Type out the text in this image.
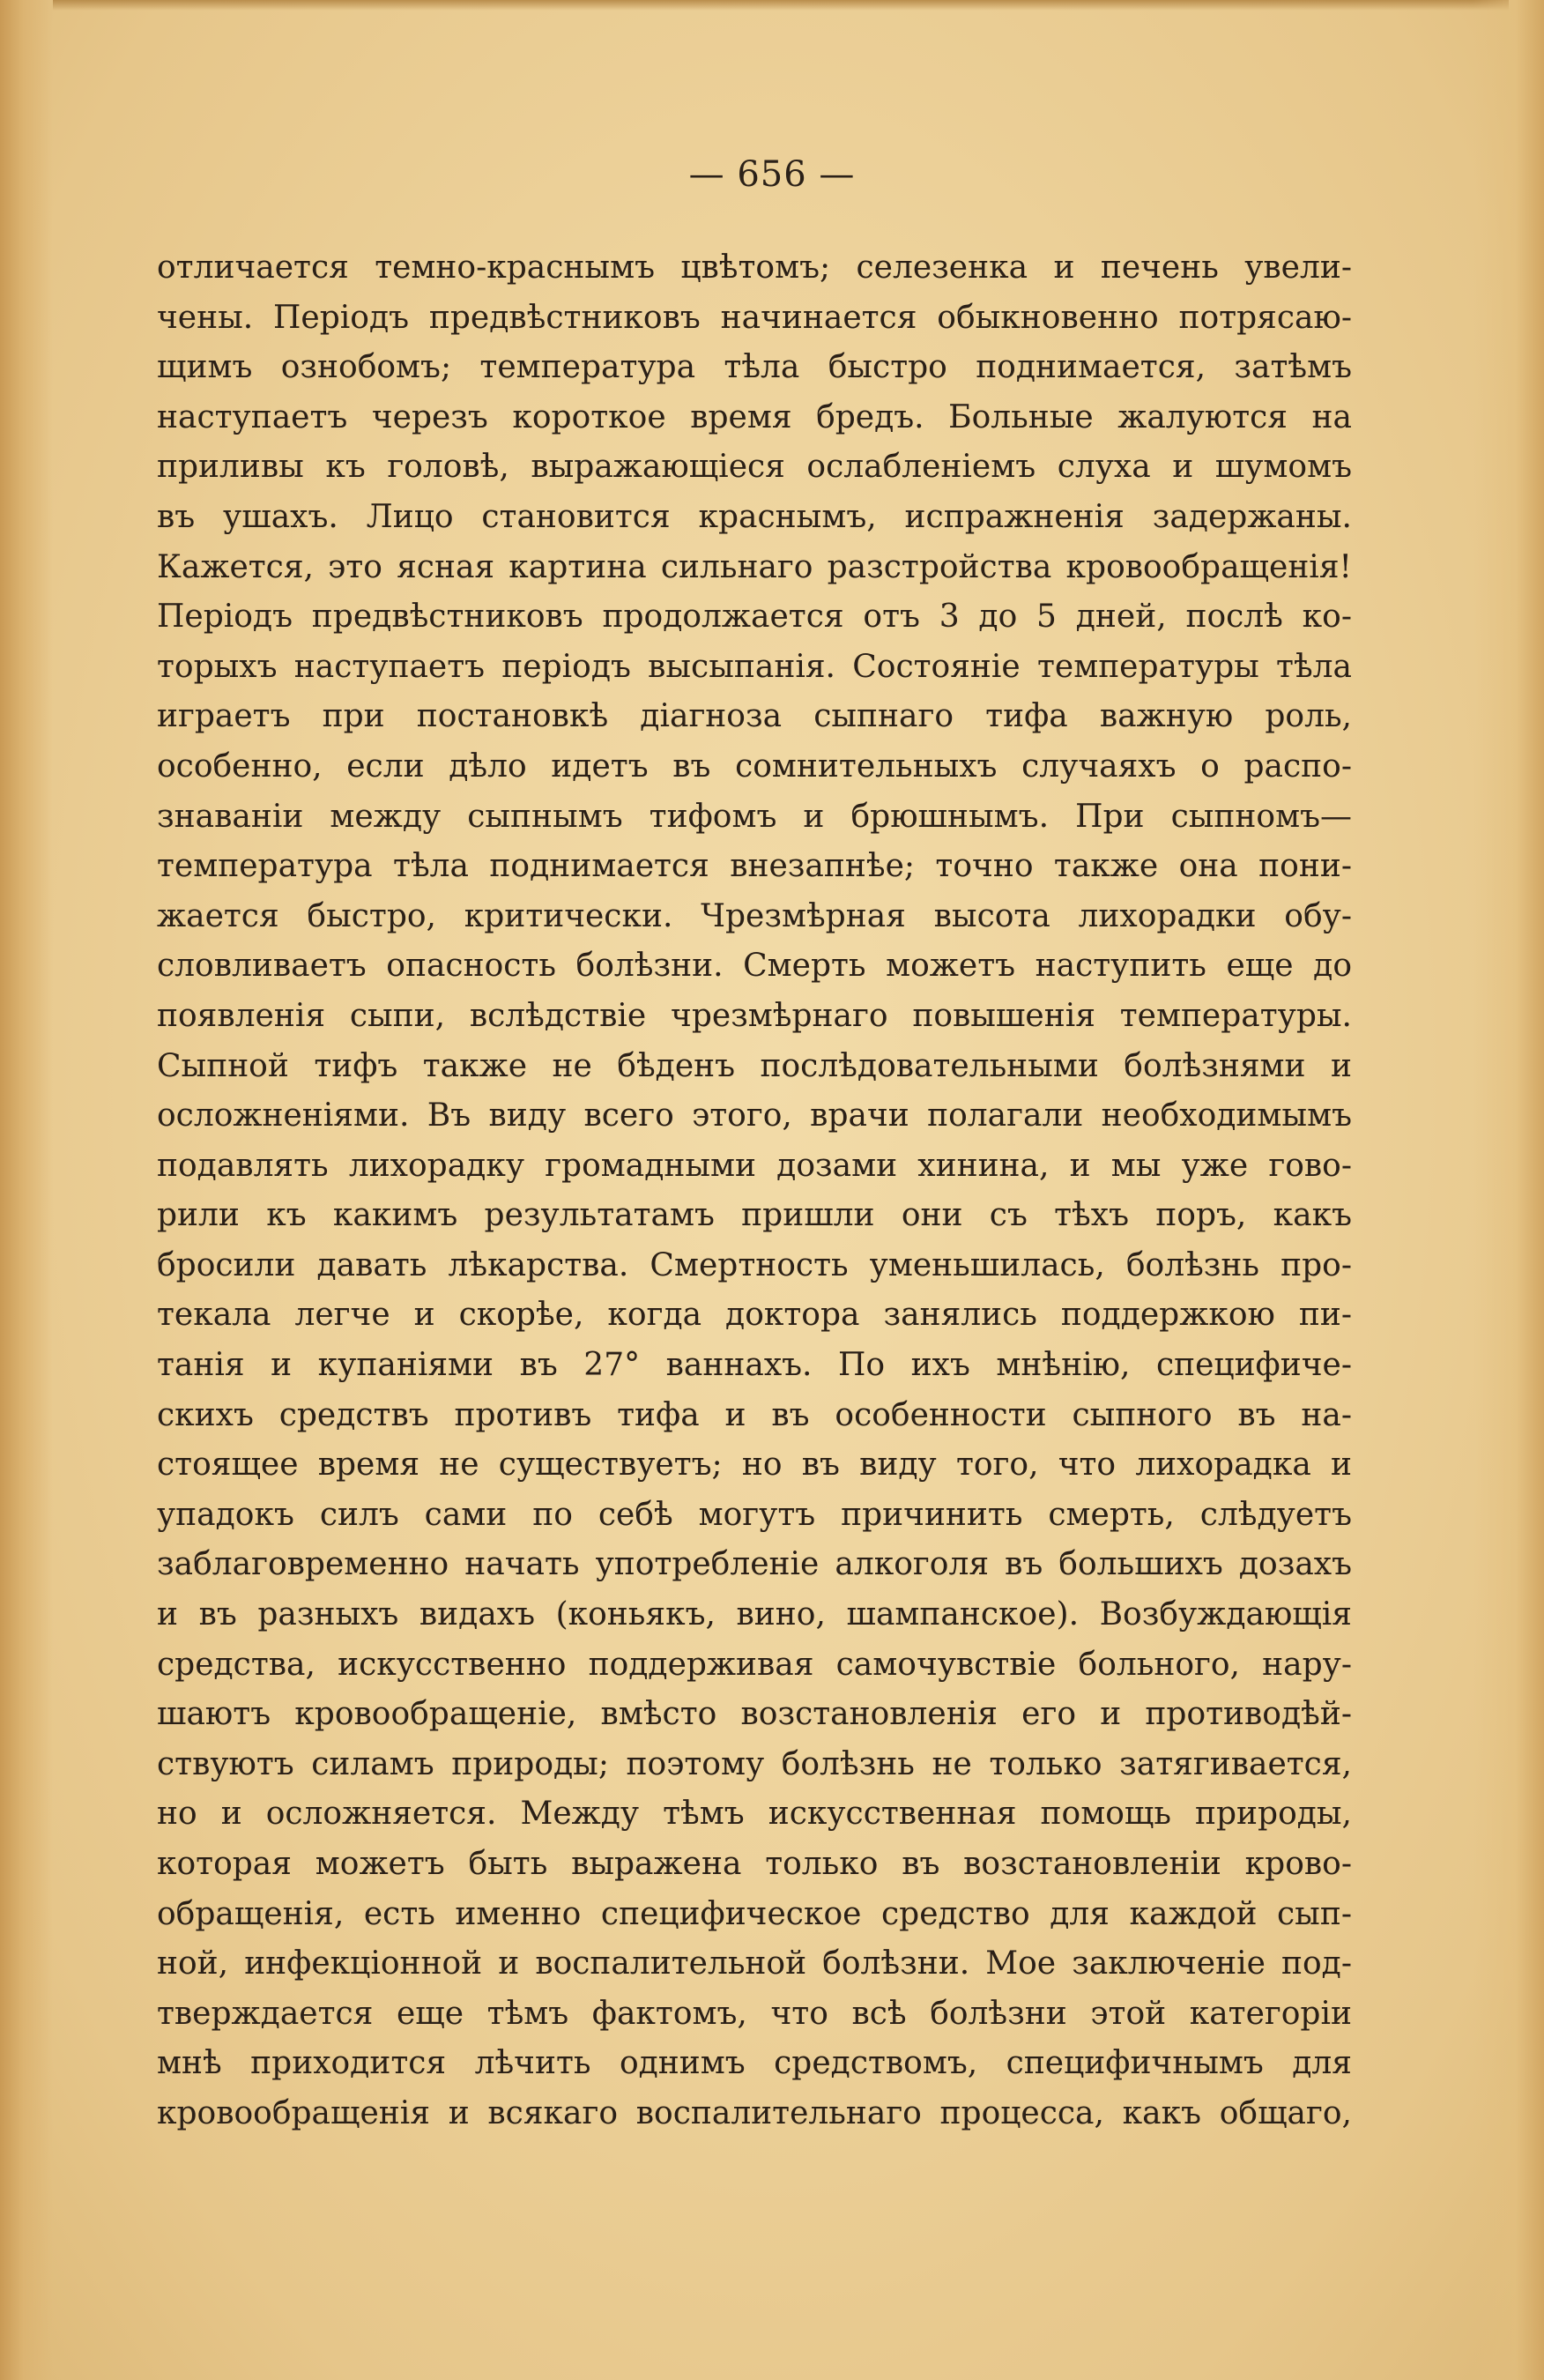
— 656 —
отличается темно-краснымъ цвѣтомъ; селезенка и печень увели-
чены. Періодъ предвѣстниковъ начинается обыкновенно потрясаю-
щимъ ознобомъ; температура тѣла быстро поднимается, затѣмъ
наступаетъ черезъ короткое время бредъ. Больные жалуются на
приливы къ головѣ, выражающіеся ослабленіемъ слуха и шумомъ
въ ушахъ. Лицо становится краснымъ, испражненія задержаны.
Кажется, это ясная картина сильнаго разстройства кровообращенія!
Періодъ предвѣстниковъ продолжается отъ 3 до 5 дней, послѣ ко-
торыхъ наступаетъ періодъ высыпанія. Состояніе температуры тѣла
играетъ при постановкѣ діагноза сыпнаго тифа важную роль,
особенно, если дѣло идетъ въ сомнительныхъ случаяхъ о распо-
знаваніи между сыпнымъ тифомъ и брюшнымъ. При сыпномъ—
температура тѣла поднимается внезапнѣе; точно также она пони-
жается быстро, критически. Чрезмѣрная высота лихорадки обу-
словливаетъ опасность болѣзни. Смерть можетъ наступить еще до
появленія сыпи, вслѣдствіе чрезмѣрнаго повышенія температуры.
Сыпной тифъ также не бѣденъ послѣдовательными болѣзнями и
осложненіями. Въ виду всего этого, врачи полагали необходимымъ
подавлять лихорадку громадными дозами хинина, и мы уже гово-
рили къ какимъ результатамъ пришли они съ тѣхъ поръ, какъ
бросили давать лѣкарства. Смертность уменьшилась, болѣзнь про-
текала легче и скорѣе, когда доктора занялись поддержкою пи-
танія и купаніями въ 27° ваннахъ. По ихъ мнѣнію, специфиче-
скихъ средствъ противъ тифа и въ особенности сыпного въ на-
стоящее время не существуетъ; но въ виду того, что лихорадка и
упадокъ силъ сами по себѣ могутъ причинить смерть, слѣдуетъ
заблаговременно начать употребленіе алкоголя въ большихъ дозахъ
и въ разныхъ видахъ (коньякъ, вино, шампанское). Возбуждающія
средства, искусственно поддерживая самочувствіе больного, нару-
шаютъ кровообращеніе, вмѣсто возстановленія его и противодѣй-
ствуютъ силамъ природы; поэтому болѣзнь не только затягивается,
но и осложняется. Между тѣмъ искусственная помощь природы,
которая можетъ быть выражена только въ возстановленіи крово-
обращенія, есть именно специфическое средство для каждой сып-
ной, инфекціонной и воспалительной болѣзни. Мое заключеніе под-
тверждается еще тѣмъ фактомъ, что всѣ болѣзни этой категоріи
мнѣ приходится лѣчить однимъ средствомъ, специфичнымъ для
кровообращенія и всякаго воспалительнаго процесса, какъ общаго,
